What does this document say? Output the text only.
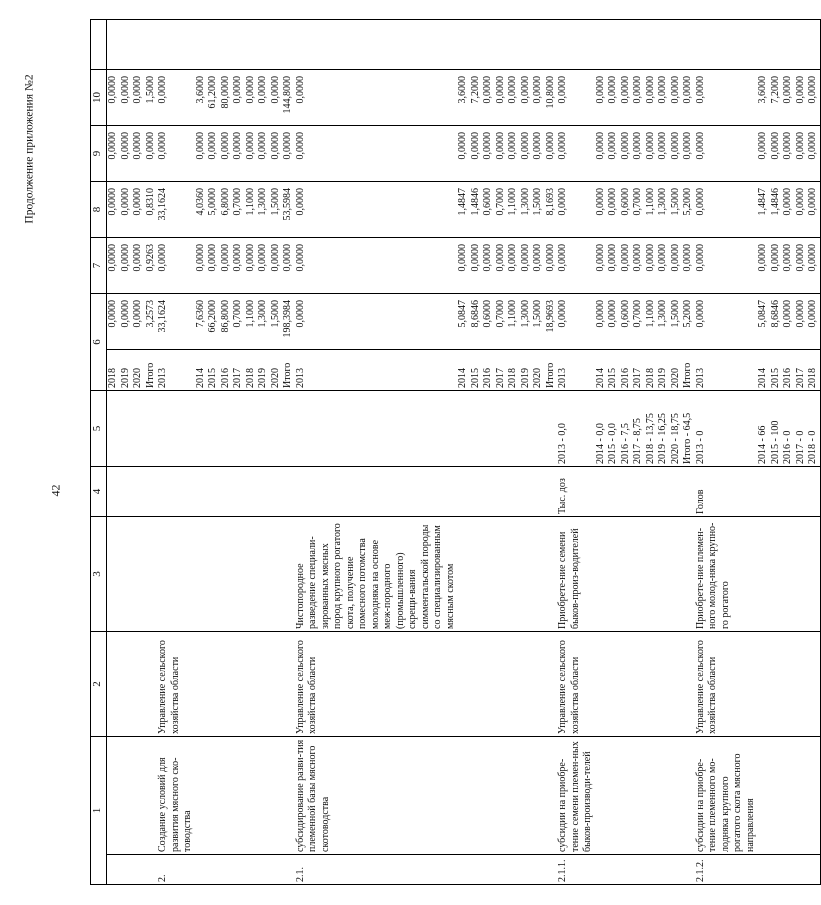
42
Продолжение приложения №2
1		2	3	4	5	6		7	8	9	10	
						2018	0,0000	0,0000	0,0000	0,0000	0,0000	
						2019	0,0000	0,0000	0,0000	0,0000	0,0000	
						2020	0,0000	0,0000	0,0000	0,0000	0,0000	
						Итого	3,2573	0,9263	0,8310	0,0000	1,5000	
2.	Создание условий для развития мясного ско-товодства	Управление сельского хозяйства области				2013	33,1624	0,0000	33,1624	0,0000	0,0000	
						2014	7,6360	0,0000	4,0360	0,0000	3,6000	
						2015	66,2000	0,0000	5,0000	0,0000	61,2000	
						2016	86,8000	0,0000	6,8000	0,0000	80,0000	
						2017	0,7000	0,0000	0,7000	0,0000	0,0000	
						2018	1,1000	0,0000	1,1000	0,0000	0,0000	
						2019	1,3000	0,0000	1,3000	0,0000	0,0000	
						2020	1,5000	0,0000	1,5000	0,0000	0,0000	
						Итого	198,3984	0,0000	53,5984	0,0000	144,8000	
2.1.	субсидирование разви-тия племенной базы мясного скотоводства	Управление сельского хозяйства области	Чистопородное разведение специали-зированных мясных пород крупного рогатого скота, получение помесного потомства молодняка на основе меж-породного (промышленного) скрещи-вания симментальской породы со специализированным мясным скотом			2013	0,0000	0,0000	0,0000	0,0000	0,0000	
						2014	5,0847	0,0000	1,4847	0,0000	3,6000	
						2015	8,6846	0,0000	1,4846	0,0000	7,2000	
						2016	0,6000	0,0000	0,6000	0,0000	0,0000	
						2017	0,7000	0,0000	0,7000	0,0000	0,0000	
						2018	1,1000	0,0000	1,1000	0,0000	0,0000	
						2019	1,3000	0,0000	1,3000	0,0000	0,0000	
						2020	1,5000	0,0000	1,5000	0,0000	0,0000	
						Итого	18,9693	0,0000	8,1693	0,0000	10,8000	
2.1.1.	субсидии на приобре-тение семени племен-ных быков-производи-телей	Управление сельского хозяйства области	Приобрете-ние семени быков-произ-водителей	Тыс. доз	2013 - 0,0	2013	0,0000	0,0000	0,0000	0,0000	0,0000	
					2014 - 0,0	2014	0,0000	0,0000	0,0000	0,0000	0,0000	
					2015 - 0,0	2015	0,0000	0,0000	0,0000	0,0000	0,0000	
					2016 - 7,5	2016	0,6000	0,0000	0,6000	0,0000	0,0000	
					2017 - 8,75	2017	0,7000	0,0000	0,7000	0,0000	0,0000	
					2018 - 13,75	2018	1,1000	0,0000	1,1000	0,0000	0,0000	
					2019 - 16,25	2019	1,3000	0,0000	1,3000	0,0000	0,0000	
					2020 - 18,75	2020	1,5000	0,0000	1,5000	0,0000	0,0000	
					Итого - 64,5	Итого	5,2000	0,0000	5,2000	0,0000	0,0000	
2.1.2.	субсидии на приобре-тение племенного мо-лодняка крупного рогатого скота мясного направления	Управление сельского хозяйства области	Приобрете-ние племен-ного молод-няка крупно-го рогатого	Голов	2013 - 0	2013	0,0000	0,0000	0,0000	0,0000	0,0000	
					2014 - 66	2014	5,0847	0,0000	1,4847	0,0000	3,6000	
					2015 - 100	2015	8,6846	0,0000	1,4846	0,0000	7,2000	
					2016 - 0	2016	0,0000	0,0000	0,0000	0,0000	0,0000	
					2017 - 0	2017	0,0000	0,0000	0,0000	0,0000	0,0000	
					2018 - 0	2018	0,0000	0,0000	0,0000	0,0000	0,0000	
